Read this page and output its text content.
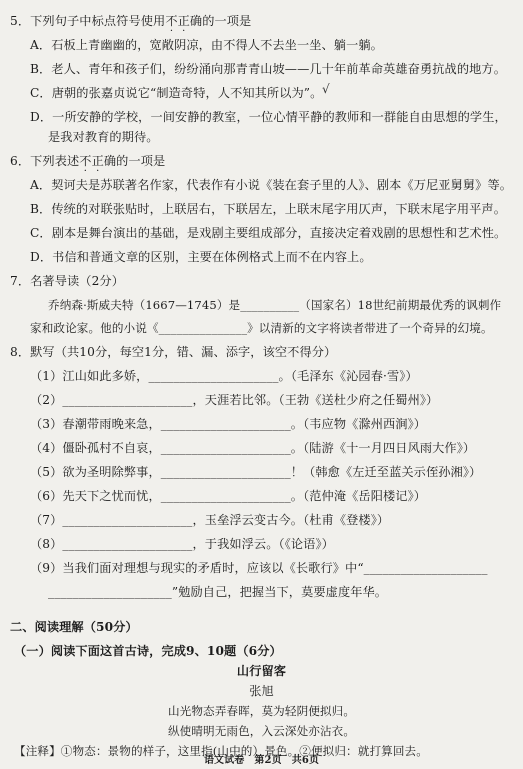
5．下列句子中标点符号使用不正确的一项是
A．石板上青幽幽的，宽敞阴凉，由不得人不去坐一坐、躺一躺。
B．老人、青年和孩子们，纷纷涌向那青青山坡——几十年前革命英雄奋勇抗战的地方。
C．唐朝的张嘉贞说它“制造奇特，人不知其所以为”。 √
D．一所安静的学校，一间安静的教室，一位心情平静的教师和一群能自由思想的学生，
是我对教育的期待。
6．下列表述不正确的一项是
A．契诃夫是苏联著名作家，代表作有小说《装在套子里的人》、剧本《万尼亚舅舅》等。
B．传统的对联张贴时，上联居右，下联居左，上联末尾字用仄声，下联末尾字用平声。
C．剧本是舞台演出的基础，是戏剧主要组成部分，直接决定着戏剧的思想性和艺术性。
D．书信和普通文章的区别，主要在体例格式上而不在内容上。
7．名著导读（2分）
乔纳森·斯威夫特（1667—1745）是__________（国家名）18世纪前期最优秀的讽刺作
家和政论家。他的小说《_______________》以清新的文字将读者带进了一个奇异的幻境。
8．默写（共10分，每空1分，错、漏、添字，该空不得分）
（1）江山如此多娇，_____________________。（毛泽东《沁园春·雪》）
（2）_____________________，天涯若比邻。（王勃《送杜少府之任蜀州》）
（3）春潮带雨晚来急，_____________________。（韦应物《滁州西涧》）
（4）僵卧孤村不自哀，_____________________。（陆游《十一月四日风雨大作》）
（5）欲为圣明除弊事，_____________________！（韩愈《左迁至蓝关示侄孙湘》）
（6）先天下之忧而忧，_____________________。（范仲淹《岳阳楼记》）
（7）_____________________，玉垒浮云变古今。（杜甫《登楼》）
（8）_____________________，于我如浮云。（《论语》）
（9）当我们面对理想与现实的矛盾时，应该以《长歌行》中“____________________
____________________”勉励自己，把握当下，莫要虚度年华。
二、阅读理解（50分）
（一）阅读下面这首古诗，完成9、10题（6分）
山行留客
张旭
山光物态弄春晖，莫为轻阴便拟归。
纵使晴明无雨色，入云深处亦沾衣。
【注释】①物态：景物的样子，这里指(山中的）景色。②便拟归：就打算回去。
语文试卷　第2页　共6页
